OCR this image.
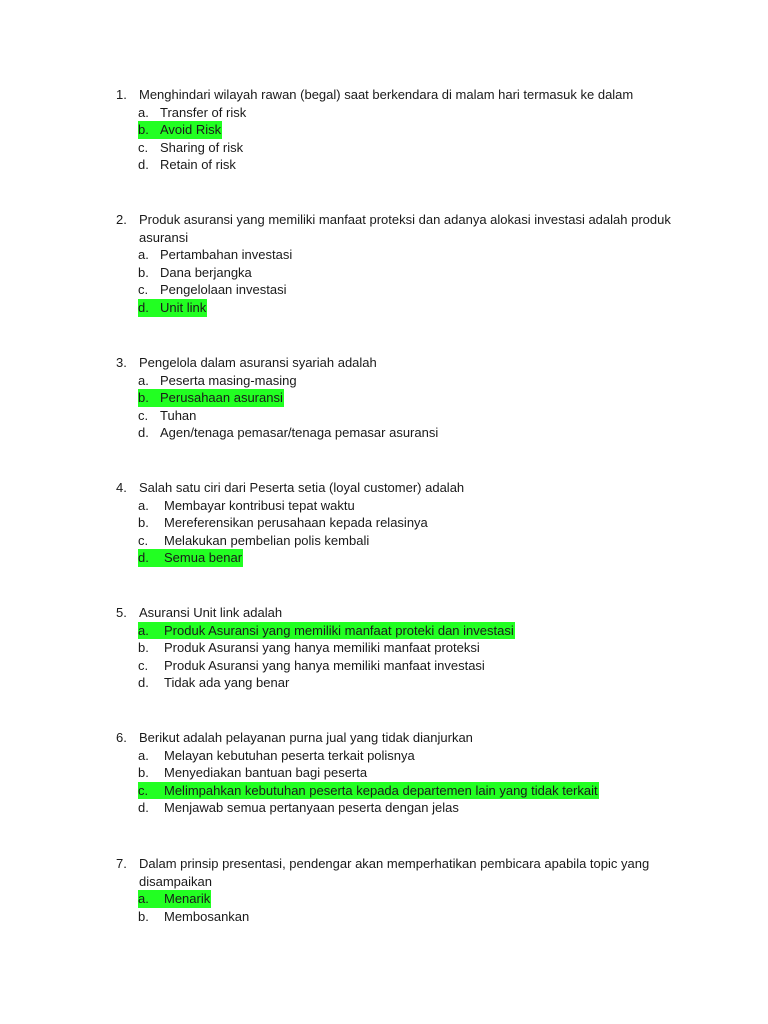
1. Menghindari wilayah rawan (begal) saat berkendara di malam hari termasuk ke dalam
a. Transfer of risk
b. Avoid Risk
c. Sharing of risk
d. Retain of risk
2. Produk asuransi yang memiliki manfaat proteksi dan adanya alokasi investasi adalah produk
asuransi
a. Pertambahan investasi
b. Dana berjangka
c. Pengelolaan investasi
d. Unit link
3. Pengelola dalam asuransi syariah adalah
a. Peserta masing-masing
b. Perusahaan asuransi
c. Tuhan
d. Agen/tenaga pemasar/tenaga pemasar asuransi
4. Salah satu ciri dari Peserta setia (loyal customer) adalah
a. Membayar kontribusi tepat waktu
b. Mereferensikan perusahaan kepada relasinya
c. Melakukan pembelian polis kembali
d. Semua benar
5. Asuransi Unit link adalah
a. Produk Asuransi yang memiliki manfaat proteki dan investasi
b. Produk Asuransi yang hanya memiliki manfaat proteksi
c. Produk Asuransi yang hanya memiliki manfaat investasi
d. Tidak ada yang benar
6. Berikut adalah pelayanan purna jual yang tidak dianjurkan
a. Melayan kebutuhan peserta terkait polisnya
b. Menyediakan bantuan bagi peserta
c. Melimpahkan kebutuhan peserta kepada departemen lain yang tidak terkait
d. Menjawab semua pertanyaan peserta dengan jelas
7. Dalam prinsip presentasi, pendengar akan memperhatikan pembicara apabila topic yang
disampaikan
a. Menarik
b. Membosankan
